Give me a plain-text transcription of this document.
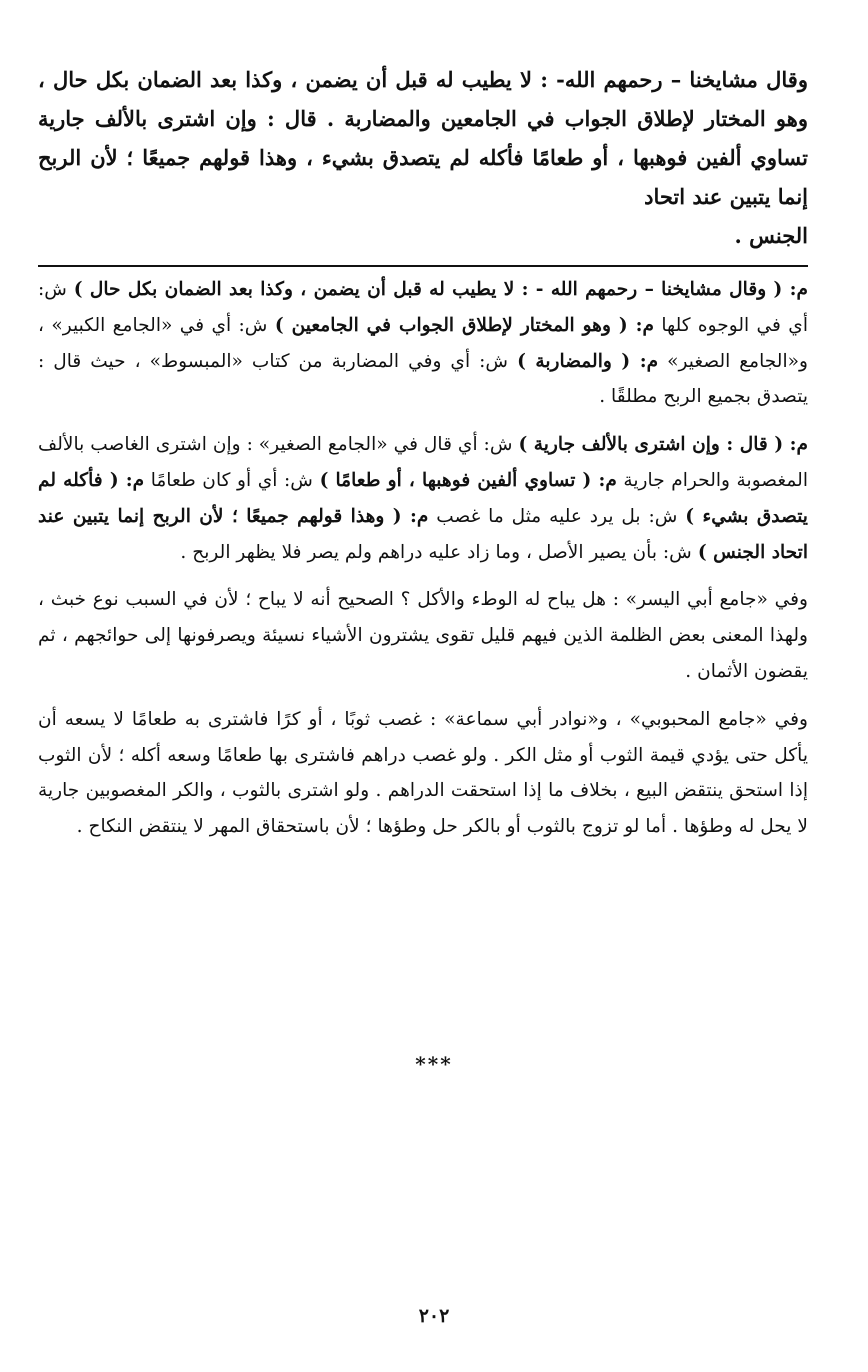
وقال مشايخنا – رحمهم الله- : لا يطيب له قبل أن يضمن ، وكذا بعد الضمان بكل حال ، وهو المختار لإطلاق الجواب في الجامعين والمضاربة . قال : وإن اشترى بالألف جارية تساوي ألفين فوهبها ، أو طعامًا فأكله لم يتصدق بشيء ، وهذا قولهم جميعًا ؛ لأن الربح إنما يتبين عند اتحاد
الجنس .

م: ( وقال مشايخنا – رحمهم الله - : لا يطيب له قبل أن يضمن ، وكذا بعد الضمان بكل حال ) ش: أي في الوجوه كلها م: ( وهو المختار لإطلاق الجواب في الجامعين ) ش: أي في «الجامع الكبير» ، و«الجامع الصغير» م: ( والمضاربة ) ش: أي وفي المضاربة من كتاب «المبسوط» ، حيث قال : يتصدق بجميع الربح مطلقًا .

م: ( قال : وإن اشترى بالألف جارية ) ش: أي قال في «الجامع الصغير» : وإن اشترى الغاصب بالألف المغصوبة والحرام جارية م: ( تساوي ألفين فوهبها ، أو طعامًا ) ش: أي أو كان طعامًا م: ( فأكله لم يتصدق بشيء ) ش: بل يرد عليه مثل ما غصب م: ( وهذا قولهم جميعًا ؛ لأن الربح إنما يتبين عند اتحاد الجنس ) ش: بأن يصير الأصل ، وما زاد عليه دراهم ولم يصر فلا يظهر الربح .

وفي «جامع أبي اليسر» : هل يباح له الوطء والأكل ؟ الصحيح أنه لا يباح ؛ لأن في السبب نوع خبث ، ولهذا المعنى بعض الظلمة الذين فيهم قليل تقوى يشترون الأشياء نسيئة ويصرفونها إلى حوائجهم ، ثم يقضون الأثمان .

وفي «جامع المحبوبي» ، و«نوادر أبي سماعة» : غصب ثوبًا ، أو كرًا فاشترى به طعامًا لا يسعه أن يأكل حتى يؤدي قيمة الثوب أو مثل الكر . ولو غصب دراهم فاشترى بها طعامًا وسعه أكله ؛ لأن الثوب إذا استحق ينتقض البيع ، بخلاف ما إذا استحقت الدراهم . ولو اشترى بالثوب ، والكر المغصوبين جارية لا يحل له وطؤها . أما لو تزوج بالثوب أو بالكر حل وطؤها ؛ لأن باستحقاق المهر لا ينتقض النكاح .

***
٢٠٢
